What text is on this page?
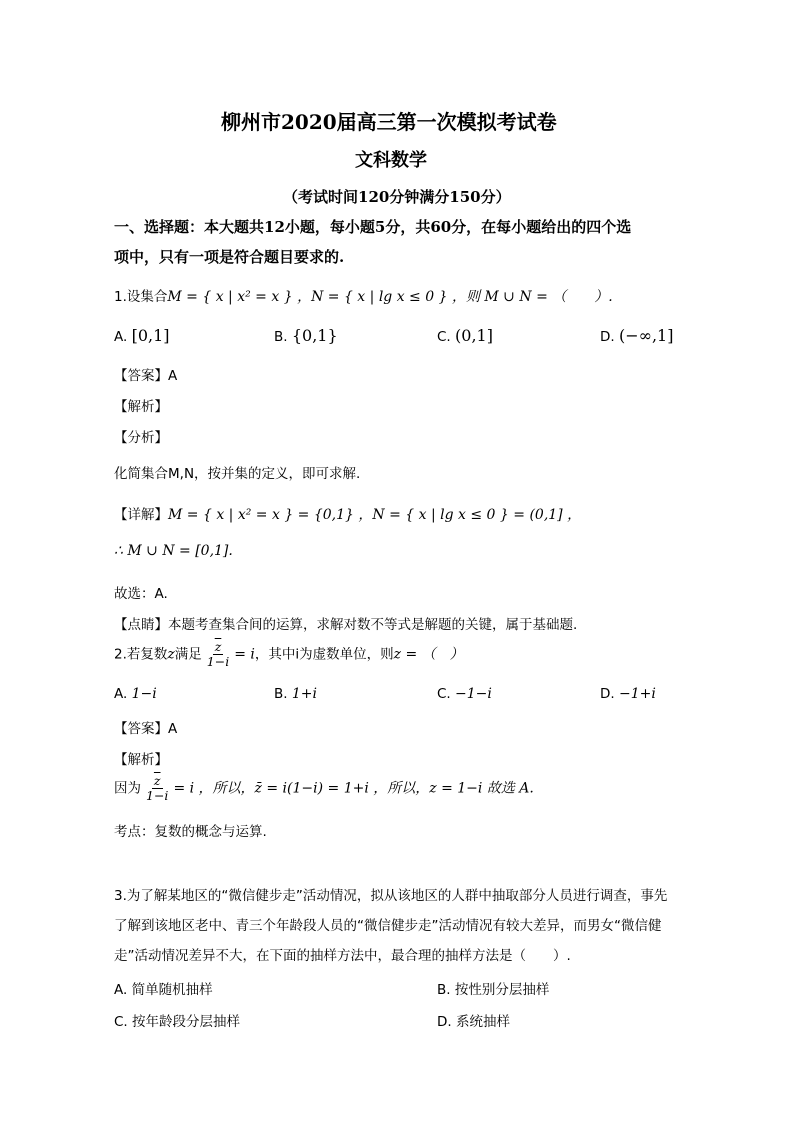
柳州市2020届高三第一次模拟考试卷
文科数学
（考试时间120分钟满分150分）
一、选择题：本大题共12小题，每小题5分，共60分，在每小题给出的四个选
项中，只有一项是符合题目要求的.
1.设集合M = { x | x² = x } ，N = { x | lg x ≤ 0 } ，则 M ∪ N = （　　）.
A. [0,1]	B. {0,1}	C. (0,1]	D. (−∞,1]
【答案】A
【解析】
【分析】
化简集合M,N，按并集的定义，即可求解.
【详解】M = { x | x² = x } = {0,1} ，N = { x | lg x ≤ 0 } = (0,1] ，
∴ M ∪ N = [0,1].
故选：A.
【点睛】本题考查集合间的运算，求解对数不等式是解题的关键，属于基础题.
2.若复数z满足 $\frac{\overline{z}}{1-i} = i$，其中i为虚数单位，则z = （　）
A. 1−i	B. 1+i	C. −1−i	D. −1+i
【答案】A
【解析】
因为 $\frac{\overline{z}}{1-i} = i$ ，所以，z̄ = i(1−i) = 1+i ，所以，z = 1−i 故选 A.
考点：复数的概念与运算.
3.为了解某地区的“微信健步走”活动情况，拟从该地区的人群中抽取部分人员进行调查，事先
了解到该地区老中、青三个年龄段人员的“微信健步走”活动情况有较大差异，而男女“微信健
走”活动情况差异不大，在下面的抽样方法中，最合理的抽样方法是（　　）.
A. 简单随机抽样	B. 按性别分层抽样
C. 按年龄段分层抽样	D. 系统抽样
